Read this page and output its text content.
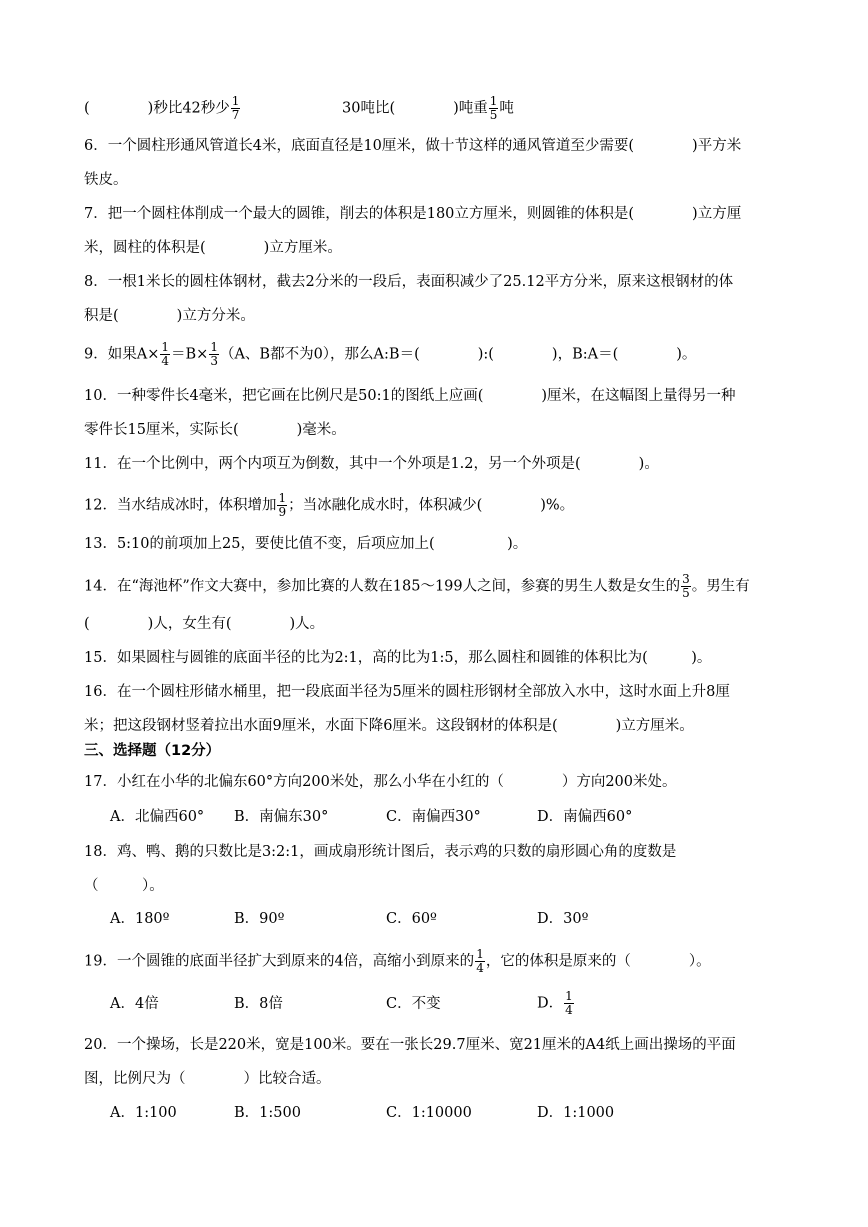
(　　　　)秒比42秒少 $\frac{1}{7}$	30吨比(　　　　)吨重 $\frac{1}{5}$ 吨
6．一个圆柱形通风管道长4米，底面直径是10厘米，做十节这样的通风管道至少需要(　　　　)平方米
铁皮。
7．把一个圆柱体削成一个最大的圆锥，削去的体积是180立方厘米，则圆锥的体积是(　　　　)立方厘
米，圆柱的体积是(　　　　)立方厘米。
8．一根1米长的圆柱体钢材，截去2分米的一段后，表面积减少了25.12平方分米，原来这根钢材的体
积是(　　　　)立方分米。
9．如果$A\times \frac{1}{4} =B\times \frac{1}{3} (A$、B都不为0），那么A:B＝(　　　　):(　　　　)，B:A＝(　　　　)。
10．一种零件长4毫米，把它画在比例尺是50:1的图纸上应画(　　　　)厘米，在这幅图上量得另一种
零件长15厘米，实际长(　　　　)毫米。
11．在一个比例中，两个内项互为倒数，其中一个外项是1.2，另一个外项是(　　　　)。
12．当水结成冰时，体积增加 $\frac{1}{9}$ ；当冰融化成水时，体积减少(　　　　)%。
13．5:10的前项加上25，要使比值不变，后项应加上(　　　　　)。
14．在“海池杯”作文大赛中，参加比赛的人数在185～199人之间，参赛的男生人数是女生的 $\frac{3}{5}$ 。男生有
(　　　　)人，女生有(　　　　)人。
15．如果圆柱与圆锥的底面半径的比为2:1，高的比为1:5，那么圆柱和圆锥的体积比为(　　　)。
16．在一个圆柱形储水桶里，把一段底面半径为5厘米的圆柱形钢材全部放入水中，这时水面上升8厘
米；把这段钢材竖着拉出水面9厘米，水面下降6厘米。这段钢材的体积是(　　　　)立方厘米。
三、选择题（12分）
17．小红在小华的北偏东60°方向200米处，那么小华在小红的（　　　　）方向200米处。
A．北偏西60° B．南偏东30°	C．南偏西30°	D．南偏西60°
18．鸡、鸭、鹅的只数比是3:2:1，画成扇形统计图后，表示鸡的只数的扇形圆心角的度数是
（　　　）。
A．180º	B．90º	C．60º	D．30º
19．一个圆锥的底面半径扩大到原来的4倍，高缩小到原来的 $\frac{1}{4}$ ，它的体积是原来的（　　　　）。
A．4倍	B．8倍	C．不变	D． $\frac{1}{4}$
20．一个操场，长是220米，宽是100米。要在一张长29.7厘米、宽21厘米的A4纸上画出操场的平面
图，比例尺为（　　　　）比较合适。
A．1:100	B．1:500	C．1:10000	D．1:1000
